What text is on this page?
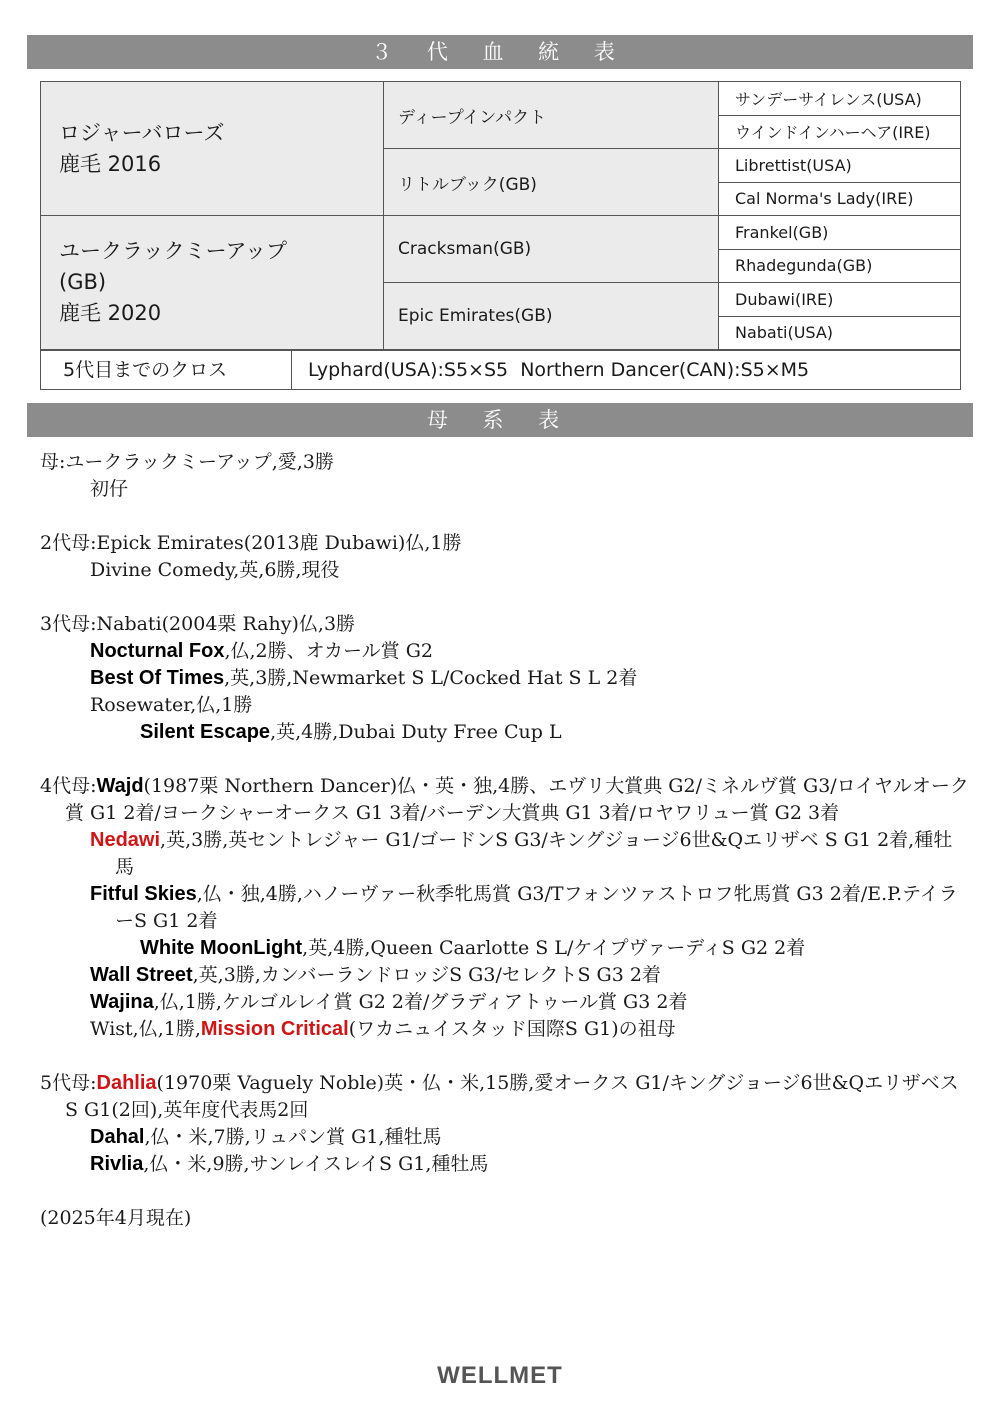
３ 代 血 統 表
ロジャーバローズ
鹿毛 2016	ディープインパクト	サンデーサイレンス(USA)
		ウインドインハーヘア(IRE)
	リトルブック(GB)	Librettist(USA)
		Cal Norma's Lady(IRE)

ユークラックミーアップ
(GB)
鹿毛 2020	Cracksman(GB)	Frankel(GB)
		Rhadegunda(GB)
	Epic Emirates(GB)	Dubawi(IRE)
		Nabati(USA)
5代目までのクロス	Lyphard(USA):S5×S5  Northern Dancer(CAN):S5×M5
母 系 表

母:ユークラックミーアップ,愛,3勝

初仔

2代母:Epick Emirates(2013鹿 Dubawi)仏,1勝

Divine Comedy,英,6勝,現役

3代母:Nabati(2004栗 Rahy)仏,3勝

Nocturnal Fox,仏,2勝、オカール賞 G2

Best Of Times,英,3勝,Newmarket S L/Cocked Hat S L 2着

Rosewater,仏,1勝

Silent Escape,英,4勝,Dubai Duty Free Cup L

4代母:Wajd(1987栗 Northern Dancer)仏・英・独,4勝、エヴリ大賞典 G2/ミネルヴ賞 G3/ロイヤルオーク賞 G1 2着/ヨークシャーオークス G1 3着/バーデン大賞典 G1 3着/ロヤワリュー賞 G2 3着

Nedawi,英,3勝,英セントレジャー G1/ゴードンS G3/キングジョージ6世&Qエリザベ S G1 2着,種牡馬

Fitful Skies,仏・独,4勝,ハノーヴァー秋季牝馬賞 G3/Tフォンツァストロフ牝馬賞 G3 2着/E.P.テイラーS G1 2着

White MoonLight,英,4勝,Queen Caarlotte S L/ケイプヴァーディS G2 2着

Wall Street,英,3勝,カンバーランドロッジS G3/セレクトS G3 2着

Wajina,仏,1勝,ケルゴルレイ賞 G2 2着/グラディアトゥール賞 G3 2着

Wist,仏,1勝,Mission Critical(ワカニュイスタッド国際S G1)の祖母

5代母:Dahlia(1970栗 Vaguely Noble)英・仏・米,15勝,愛オークス G1/キングジョージ6世&QエリザベスS G1(2回),英年度代表馬2回

Dahal,仏・米,7勝,リュパン賞 G1,種牡馬

Rivlia,仏・米,9勝,サンレイスレイS G1,種牡馬

(2025年4月現在)

WELLMET
